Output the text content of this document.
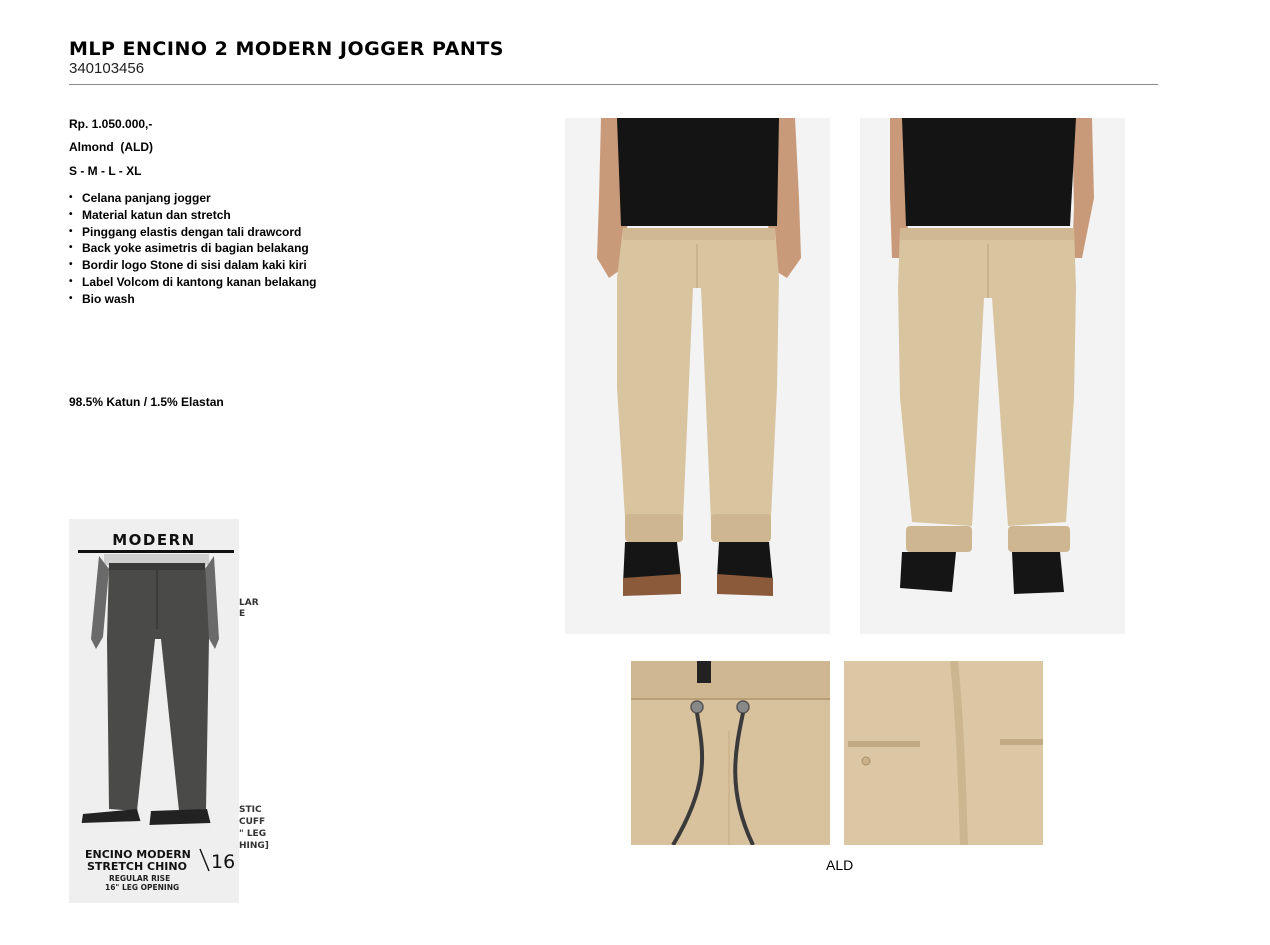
MLP ENCINO 2 MODERN JOGGER PANTS
340103456
Rp. 1.050.000,-
Almond  (ALD)
S - M - L - XL
• Celana panjang jogger
• Material katun dan stretch
• Pinggang elastis dengan tali drawcord
• Back yoke asimetris di bagian belakang
• Bordir logo Stone di sisi dalam kaki kiri
• Label Volcom di kantong kanan belakang
• Bio wash
98.5% Katun / 1.5% Elastan
MODERN
LAR
E
STIC
CUFF
" LEG
HING]
ENCINO MODERN
STRETCH CHINO 16
REGULAR RISE
16" LEG OPENING
ALD
